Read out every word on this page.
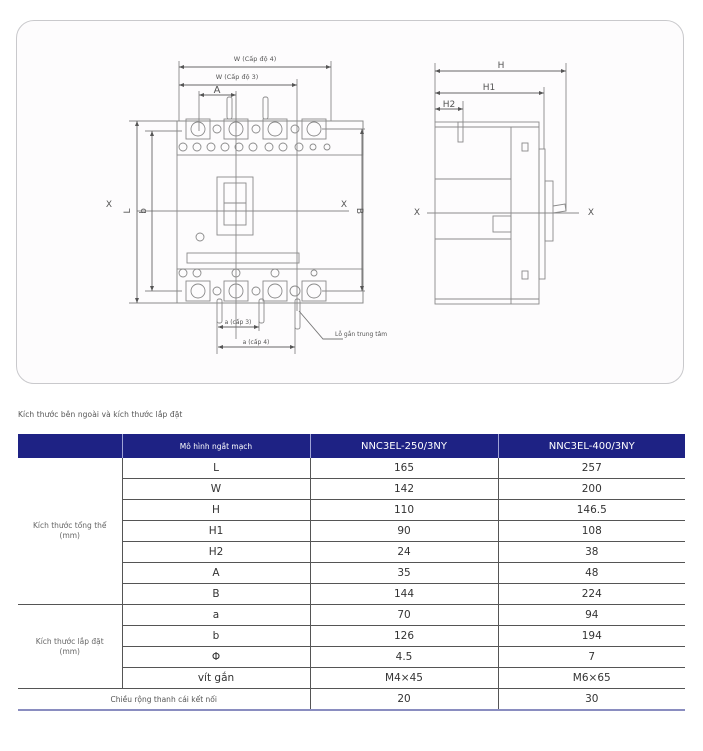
W (Cấp độ 4)
W (Cấp độ 3)
A
X
L b
X
B
a (cấp 3)
a (cấp 4)
Lỗ gắn trung tâm
H
H1
H2
X	X
Kích thước bên ngoài và kích thước lắp đặt
	Mô hình ngắt mạch	NNC3EL-250/3NY	NNC3EL-400/3NY
Kích thước tổng thể
(mm)	L	165	257
	W	142	200
	H	110	146.5
	H1	90	108
	H2	24	38
	A	35	48
	B	144	224
Kích thước lắp đặt
(mm)	a	70	94
	b	126	194
	Φ	4.5	7
	vít gắn	M4×45	M6×65
Chiều rộng thanh cái kết nối		20	30
